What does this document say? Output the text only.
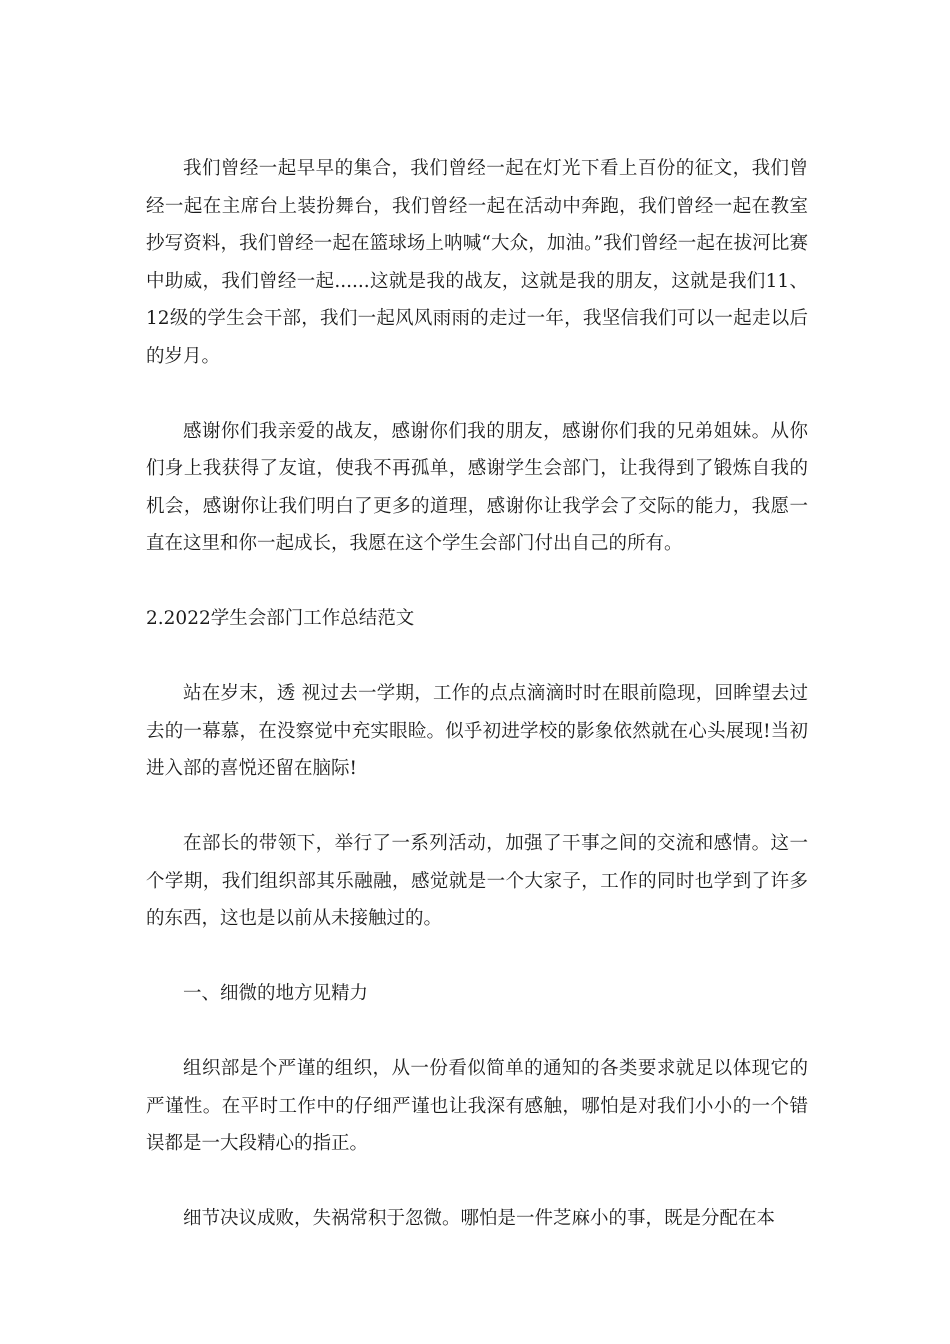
我们曾经一起早早的集合，我们曾经一起在灯光下看上百份的征文，我们曾经一起在主席台上装扮舞台，我们曾经一起在活动中奔跑，我们曾经一起在教室抄写资料，我们曾经一起在篮球场上呐喊“大众，加油。”我们曾经一起在拔河比赛中助威，我们曾经一起......这就是我的战友，这就是我的朋友，这就是我们11、12级的学生会干部，我们一起风风雨雨的走过一年，我坚信我们可以一起走以后的岁月。

感谢你们我亲爱的战友，感谢你们我的朋友，感谢你们我的兄弟姐妹。从你们身上我获得了友谊，使我不再孤单，感谢学生会部门，让我得到了锻炼自我的机会，感谢你让我们明白了更多的道理，感谢你让我学会了交际的能力，我愿一直在这里和你一起成长，我愿在这个学生会部门付出自己的所有。

2.2022学生会部门工作总结范文

站在岁末，透 视过去一学期，工作的点点滴滴时时在眼前隐现，回眸望去过去的一幕慕，在没察觉中充实眼睑。似乎初进学校的影象依然就在心头展现!当初进入部的喜悦还留在脑际!

在部长的带领下，举行了一系列活动，加强了干事之间的交流和感情。这一个学期，我们组织部其乐融融，感觉就是一个大家子，工作的同时也学到了许多的东西，这也是以前从未接触过的。

一、细微的地方见精力

组织部是个严谨的组织，从一份看似简单的通知的各类要求就足以体现它的严谨性。在平时工作中的仔细严谨也让我深有感触，哪怕是对我们小小的一个错误都是一大段精心的指正。

细节决议成败，失祸常积于忽微。哪怕是一件芝麻小的事，既是分配在本
